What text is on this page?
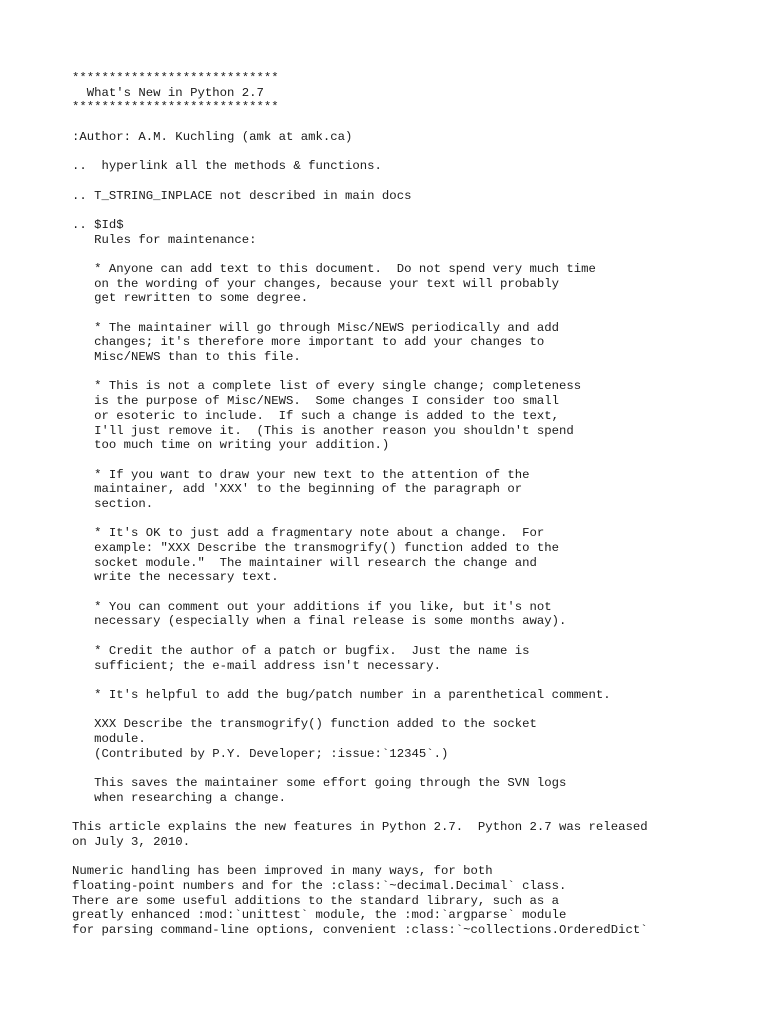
****************************
What's New in Python 2.7
****************************
:Author: A.M. Kuchling (amk at amk.ca)
..  hyperlink all the methods & functions.
.. T_STRING_INPLACE not described in main docs
.. $Id$
Rules for maintenance:
* Anyone can add text to this document.  Do not spend very much time
on the wording of your changes, because your text will probably
get rewritten to some degree.
* The maintainer will go through Misc/NEWS periodically and add
changes; it's therefore more important to add your changes to
Misc/NEWS than to this file.
* This is not a complete list of every single change; completeness
is the purpose of Misc/NEWS.  Some changes I consider too small
or esoteric to include.  If such a change is added to the text,
I'll just remove it.  (This is another reason you shouldn't spend
too much time on writing your addition.)
* If you want to draw your new text to the attention of the
maintainer, add 'XXX' to the beginning of the paragraph or
section.
* It's OK to just add a fragmentary note about a change.  For
example: "XXX Describe the transmogrify() function added to the
socket module."  The maintainer will research the change and
write the necessary text.
* You can comment out your additions if you like, but it's not
necessary (especially when a final release is some months away).
* Credit the author of a patch or bugfix.  Just the name is
sufficient; the e-mail address isn't necessary.
* It's helpful to add the bug/patch number in a parenthetical comment.
XXX Describe the transmogrify() function added to the socket
module.
(Contributed by P.Y. Developer; :issue:`12345`.)
This saves the maintainer some effort going through the SVN logs
when researching a change.
This article explains the new features in Python 2.7.  Python 2.7 was released
on July 3, 2010.
Numeric handling has been improved in many ways, for both
floating-point numbers and for the :class:`~decimal.Decimal` class.
There are some useful additions to the standard library, such as a
greatly enhanced :mod:`unittest` module, the :mod:`argparse` module
for parsing command-line options, convenient :class:`~collections.OrderedDict`
